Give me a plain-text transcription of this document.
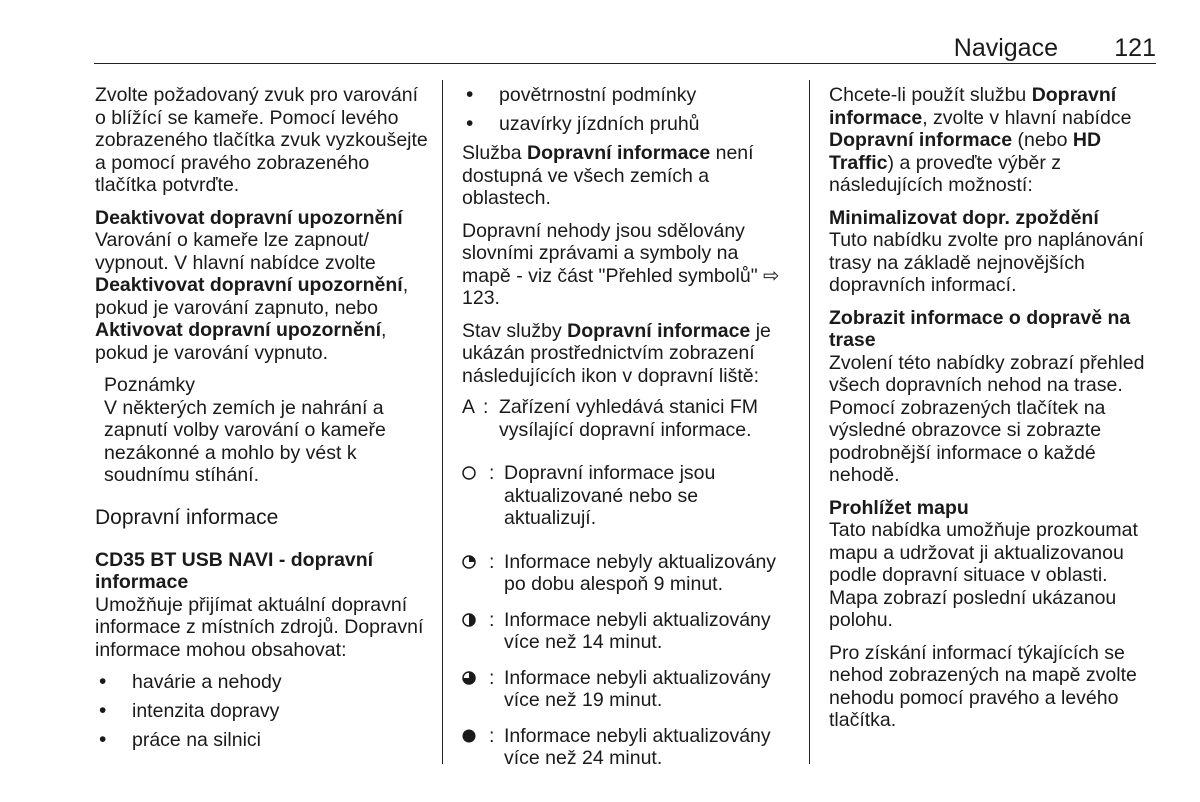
Navigace	121

Zvolte požadovaný zvuk pro varování o blížící se kameře. Pomocí levého zobrazeného tlačítka zvuk vyzkoušejte a pomocí pravého zobrazeného tlačítka potvrďte.

Deaktivovat dopravní upozornění
Varování o kameře lze zapnout/ vypnout. V hlavní nabídce zvolte Deaktivovat dopravní upozornění, pokud je varování zapnuto, nebo Aktivovat dopravní upozornění, pokud je varování vypnuto.

Poznámky
V některých zemích je nahrání a zapnutí volby varování o kameře nezákonné a mohlo by vést k soudnímu stíhání.
Dopravní informace
CD35 BT USB NAVI - dopravní informace
Umožňuje přijímat aktuální dopravní informace z místních zdrojů. Dopravní informace mohou obsahovat:
• havárie a nehody
• intenzita dopravy
• práce na silnici
• povětrnostní podmínky
• uzavírky jízdních pruhů

Služba Dopravní informace není dostupná ve všech zemích a oblastech.

Dopravní nehody jsou sdělovány slovními zprávami a symboly na mapě - viz část "Přehled symbolů" ⇨ 123.

Stav služby Dopravní informace je ukázán prostřednictvím zobrazení následujících ikon v dopravní liště:

A : Zařízení vyhledává stanici FM vysílající dopravní informace.
: Dopravní informace jsou aktualizované nebo se aktualizují.
: Informace nebyly aktualizovány po dobu alespoň 9 minut.
: Informace nebyli aktualizovány více než 14 minut.
: Informace nebyli aktualizovány více než 19 minut.
: Informace nebyli aktualizovány více než 24 minut.

Chcete-li použít službu Dopravní informace, zvolte v hlavní nabídce Dopravní informace (nebo HD Traffic) a proveďte výběr z následujících možností:

Minimalizovat dopr. zpoždění
Tuto nabídku zvolte pro naplánování trasy na základě nejnovějších dopravních informací.

Zobrazit informace o dopravě na trase
Zvolení této nabídky zobrazí přehled všech dopravních nehod na trase. Pomocí zobrazených tlačítek na výsledné obrazovce si zobrazte podrobnější informace o každé nehodě.

Prohlížet mapu
Tato nabídka umožňuje prozkoumat mapu a udržovat ji aktualizovanou podle dopravní situace v oblasti. Mapa zobrazí poslední ukázanou polohu.

Pro získání informací týkajících se nehod zobrazených na mapě zvolte nehodu pomocí pravého a levého tlačítka.
